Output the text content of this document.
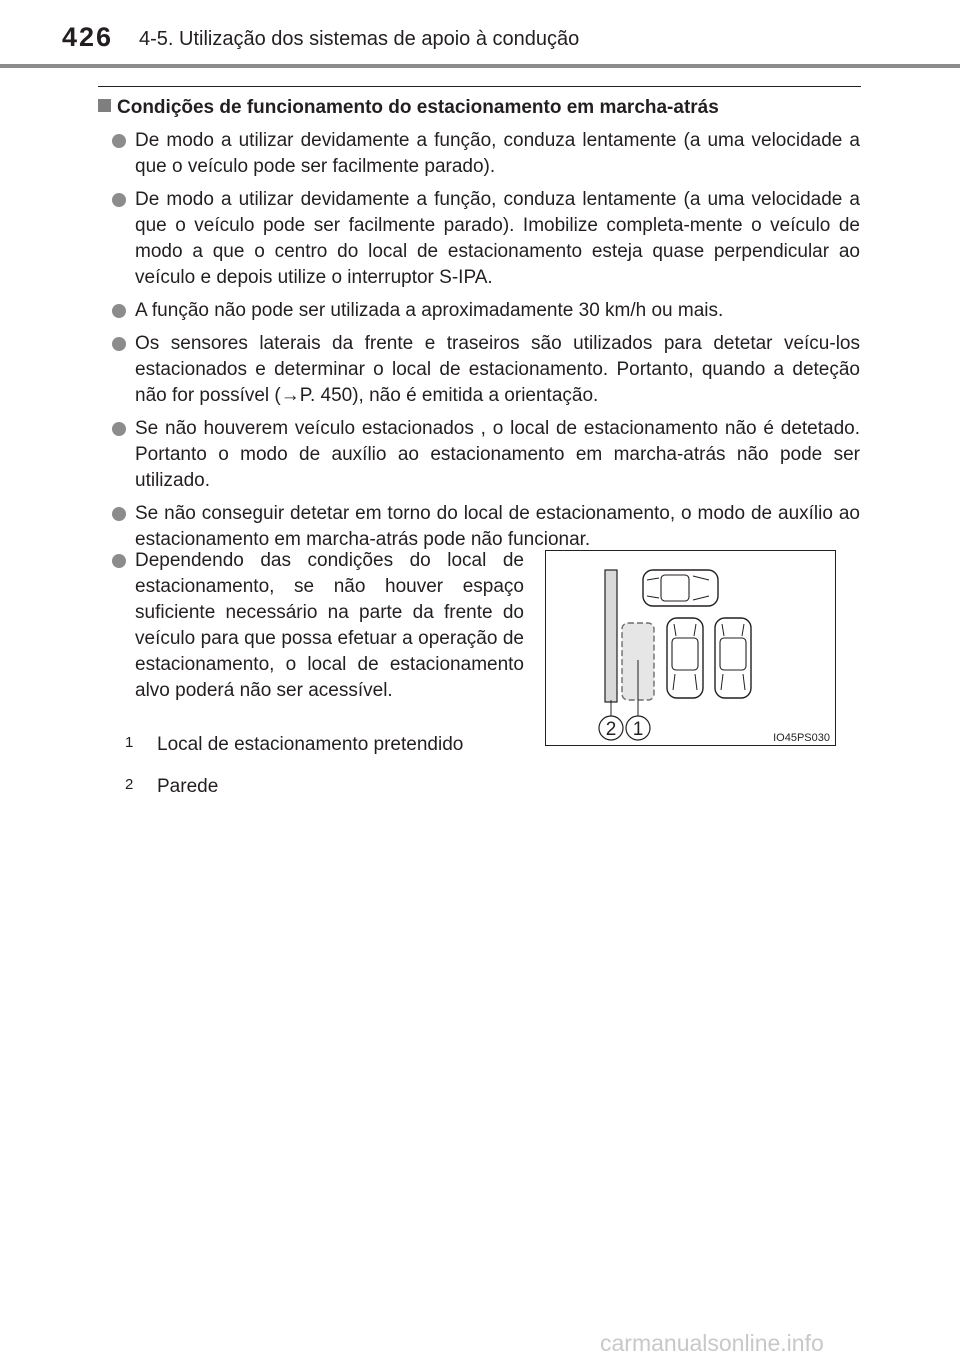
426 4-5. Utilização dos sistemas de apoio à condução
Condições de funcionamento do estacionamento em marcha-atrás
De modo a utilizar devidamente a função, conduza lentamente (a uma velocidade a que o veículo pode ser facilmente parado).
De modo a utilizar devidamente a função, conduza lentamente (a uma velocidade a que o veículo pode ser facilmente parado). Imobilize completa-mente o veículo de modo a que o centro do local de estacionamento esteja quase perpendicular ao veículo e depois utilize o interruptor S-IPA.
A função não pode ser utilizada a aproximadamente 30 km/h ou mais.
Os sensores laterais da frente e traseiros são utilizados para detetar veícu-los estacionados e determinar o local de estacionamento. Portanto, quando a deteção não for possível (→P. 450), não é emitida a orientação.
Se não houverem veículo estacionados , o local de estacionamento não é detetado. Portanto o modo de auxílio ao estacionamento em marcha-atrás não pode ser utilizado.
Se não conseguir detetar em torno do local de estacionamento, o modo de auxílio ao estacionamento em marcha-atrás pode não funcionar.
Dependendo das condições do local de estacionamento, se não houver espaço suficiente necessário na parte da frente do veículo para que possa efetuar a operação de estacionamento, o local de estacionamento alvo poderá não ser acessível.
2 1	IO45PS030
1 Local de estacionamento pretendido
2 Parede
carmanualsonline.info
